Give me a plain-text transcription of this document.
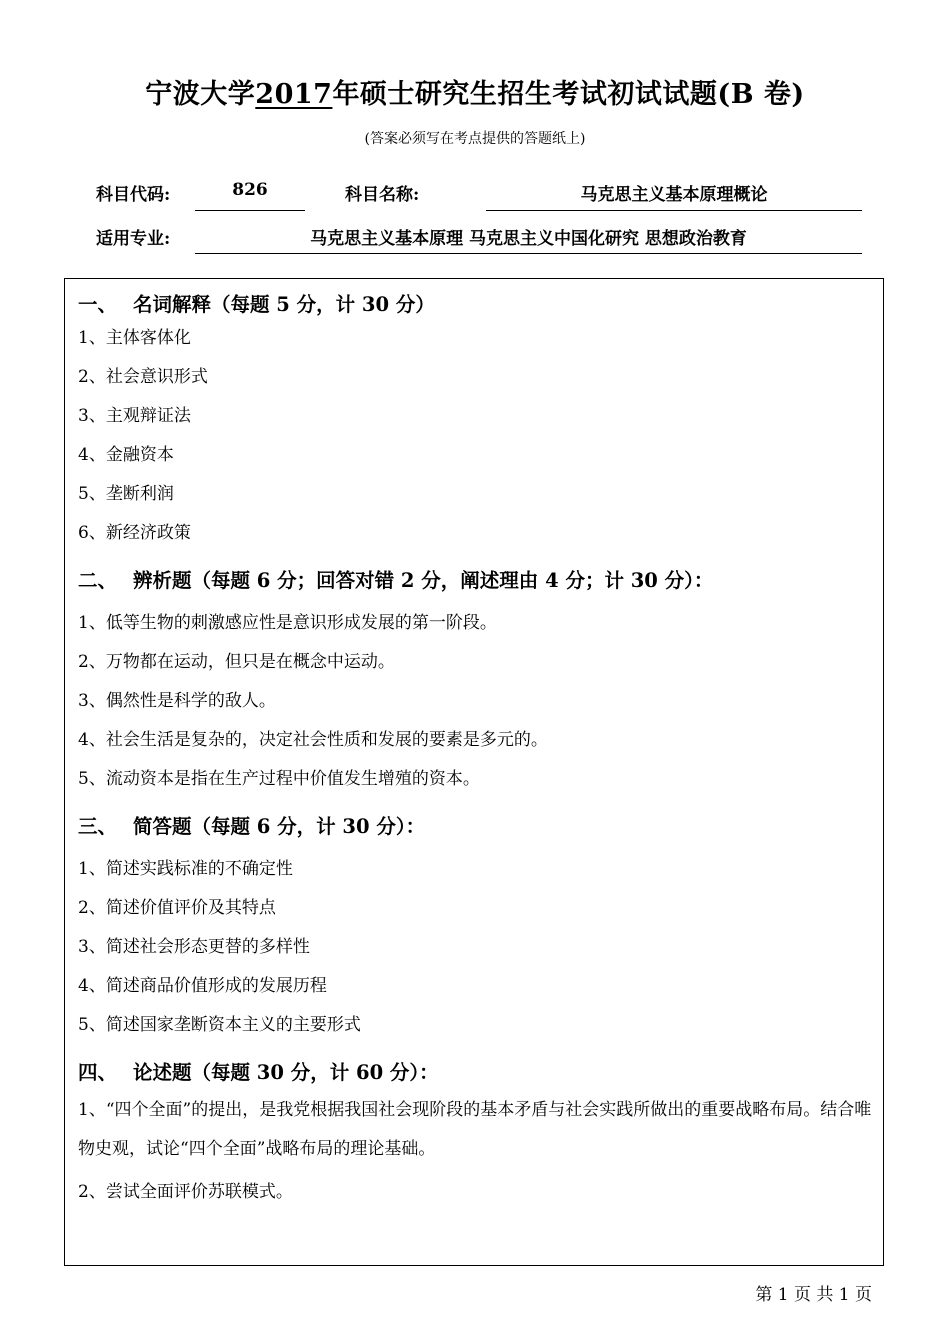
宁波大学2017年硕士研究生招生考试初试试题(B 卷)
(答案必须写在考点提供的答题纸上)
科目代码:	826	科目名称:	马克思主义基本原理概论
适用专业:	马克思主义基本原理 马克思主义中国化研究 思想政治教育
一、 名词解释（每题 5 分，计 30 分）
1、主体客体化
2、社会意识形式
3、主观辩证法
4、金融资本
5、垄断利润
6、新经济政策
二、 辨析题（每题 6 分；回答对错 2 分，阐述理由 4 分；计 30 分）：
1、低等生物的刺激感应性是意识形成发展的第一阶段。
2、万物都在运动，但只是在概念中运动。
3、偶然性是科学的敌人。
4、社会生活是复杂的，决定社会性质和发展的要素是多元的。
5、流动资本是指在生产过程中价值发生增殖的资本。
三、 简答题（每题 6 分，计 30 分）：
1、简述实践标准的不确定性
2、简述价值评价及其特点
3、简述社会形态更替的多样性
4、简述商品价值形成的发展历程
5、简述国家垄断资本主义的主要形式
四、 论述题（每题 30 分，计 60 分）：
1、“四个全面”的提出，是我党根据我国社会现阶段的基本矛盾与社会实践所做出的重要战略布局。结合唯物史观，试论“四个全面”战略布局的理论基础。
2、尝试全面评价苏联模式。
第 1 页 共 1 页
